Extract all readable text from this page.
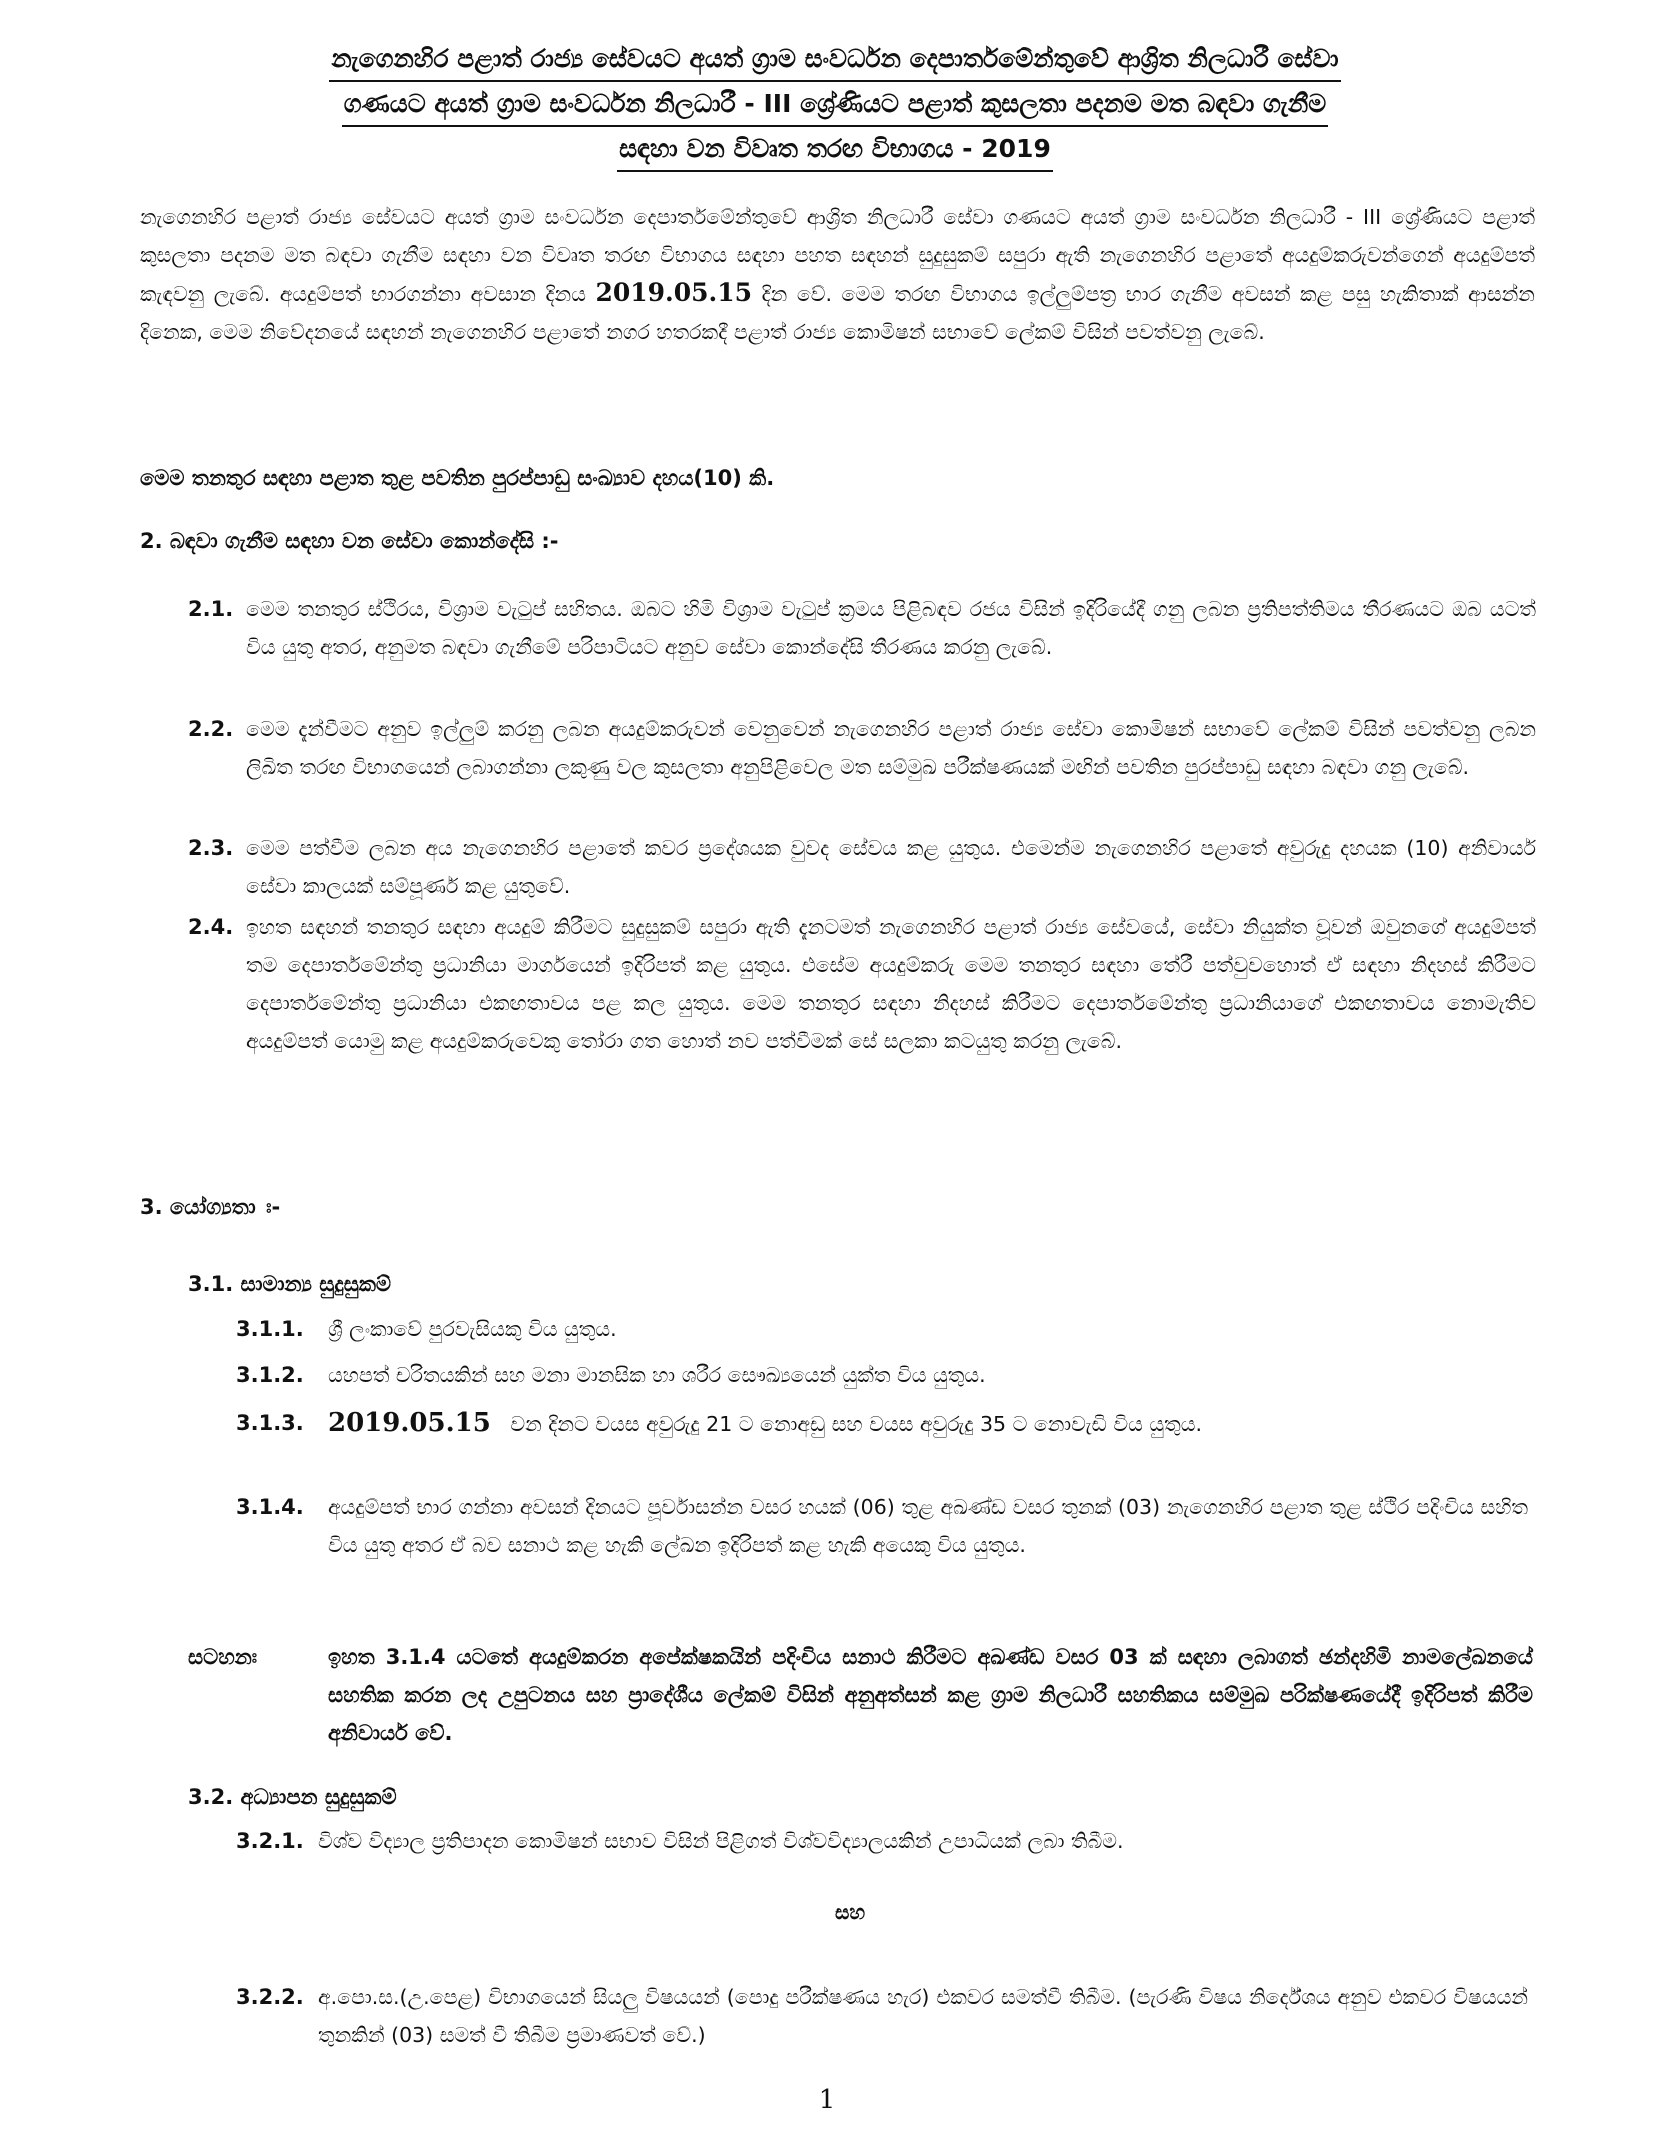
නැගෙනහිර පළාත් රාජ්‍ය සේවයට අයත් ග්‍රාම සංවර්ධන දෙපාර්තමේන්තුවේ ආශ්‍රිත නිලධාරී සේවා
ගණයට අයත් ග්‍රාම සංවර්ධන නිලධාරී - III ශ්‍රේණියට පළාත් කුසලතා පදනම මත බඳවා ගැනීම
සඳහා වන විවෘත තරඟ විභාගය - 2019
නැගෙනහිර පළාත් රාජ්‍ය සේවයට අයත් ග්‍රාම සංවර්ධන දෙපාර්තමේන්තුවේ ආශ්‍රිත නිලධාරී සේවා ගණයට අයත් ග්‍රාම සංවර්ධන නිලධාරී - III ශ්‍රේණියට පළාත් කුසලතා පදනම මත බඳවා ගැනීම සඳහා වන විවෘත තරඟ විභාගය සඳහා පහත සඳහන් සුදුසුකම් සපුරා ඇති නැගෙනහිර පළාතේ අයදුම්කරුවන්ගෙන් අයදුම්පත් කැඳවනු ලැබේ. අයදුම්පත් භාරගන්නා අවසාන දිනය 2019.05.15 දින වේ. මෙම තරඟ විභාගය ඉල්ලුම්පත්‍ර භාර ගැනීම අවසන් කළ පසු හැකිතාක් ආසන්න දිනෙක, මෙම නිවේදනයේ සඳහන් නැගෙනහිර පළාතේ නගර හතරකදී පළාත් රාජ්‍ය කොමිෂන් සභාවේ ලේකම් විසින් පවත්වනු ලැබේ.
මෙම තනතුර සඳහා පළාත තුළ පවතින පුරප්පාඩු සංඛ්‍යාව දහය(10) කි.
2. බඳවා ගැනීම සඳහා වන සේවා කොන්දේසි :-
2.1. මෙම තනතුර ස්ථිරය, විශ්‍රාම වැටුප් සහිතය. ඔබට හිමි විශ්‍රාම වැටුප් ක්‍රමය පිළිබඳව රජය විසින් ඉදිරියේදී ගනු ලබන ප්‍රතිපත්තිමය තීරණයට ඔබ යටත් විය යුතු අතර, අනුමත බඳවා ගැනීමේ පරිපාටියට අනුව සේවා කොන්දේසි තීරණය කරනු ලැබේ.
2.2. මෙම දැන්වීමට අනුව ඉල්ලුම් කරනු ලබන අයදුම්කරුවන් වෙනුවෙන් නැගෙනහිර පළාත් රාජ්‍ය සේවා කොමිෂන් සභාවේ ලේකම් විසින් පවත්වනු ලබන ලිඛිත තරඟ විභාගයෙන් ලබාගන්නා ලකුණු වල කුසලතා අනුපිළිවෙල මත සම්මුඛ පරීක්ෂණයක් මඟින් පවතින පුරප්පාඩු සඳහා බඳවා ගනු ලැබේ.
2.3. මෙම පත්වීම ලබන අය නැගෙනහිර පළාතේ කවර ප්‍රදේශයක වුවද සේවය කළ යුතුය. එමෙන්ම නැගෙනහිර පළාතේ අවුරුදු දහයක (10) අනිවාර්ය සේවා කාලයක් සම්පූර්ණ කළ යුතුවේ.
2.4. ඉහත සඳහන් තනතුර සඳහා අයදුම් කිරීමට සුදුසුකම් සපුරා ඇති දැනටමත් නැගෙනහිර පළාත් රාජ්‍ය සේවයේ, සේවා නියුක්ත වූවන් ඔවුනගේ අයදුම්පත් තම දෙපාර්තමේන්තු ප්‍රධානියා මාර්ගයෙන් ඉදිරිපත් කළ යුතුය. එසේම අයදුම්කරු මෙම තනතුර සඳහා තේරී පත්වුවහොත් ඒ සඳහා නිදහස් කිරීමට දෙපාර්තමේන්තු ප්‍රධානියා එකඟතාවය පළ කල යුතුය. මෙම තනතුර සඳහා නිදහස් කිරීමට දෙපාර්තමේන්තු ප්‍රධානියාගේ එකඟතාවය නොමැතිව අයදුම්පත් යොමු කළ අයදුම්කරුවෙකු තෝරා ගත හොත් නව පත්වීමක් සේ සලකා කටයුතු කරනු ලැබේ.
3. යෝග්‍යතා ඃ-
3.1. සාමාන්‍ය සුදුසුකම්
3.1.1. ශ්‍රී ලංකාවේ පුරවැසියකු විය යුතුය.
3.1.2. යහපත් චරිතයකින් සහ මනා මානසික හා ශරීර සෞඛ්‍යයෙන් යුක්ත විය යුතුය.
3.1.3. 2019.05.15 වන දිනට වයස අවුරුදු 21 ට නොඅඩු සහ වයස අවුරුදු 35 ට නොවැඩි විය යුතුය.
3.1.4. අයදුම්පත් භාර ගන්නා අවසන් දිනයට පූර්වාසන්න වසර හයක් (06) තුළ අඛණ්ඩ වසර තුනක් (03) නැගෙනහිර පළාත තුළ ස්ථිර පදිංචිය සහිත විය යුතු අතර ඒ බව සනාථ කළ හැකි ලේඛන ඉදිරිපත් කළ හැකි අයෙකු විය යුතුය.
සටහනඃ	ඉහත 3.1.4 යටතේ අයදුම්කරන අපේක්ෂකයින් පදිංචිය සනාථ කිරීමට අඛණ්ඩ වසර 03 ක් සඳහා ලබාගත් ඡන්දහිමි නාමලේඛනයේ සහතික කරන ලද උපුටනය සහ ප්‍රාදේශීය ලේකම් විසින් අනුඅත්සන් කළ ග්‍රාම නිලධාරී සහතිකය සම්මුඛ පරික්ෂණයේදී ඉදිරිපත් කිරීම අනිවාර්ය වේ.
3.2. අධ්‍යාපන සුදුසුකම්
3.2.1. විශ්ව විද්‍යාල ප්‍රතිපාදන කොමිෂන් සභාව විසින් පිළිගත් විශ්වවිද්‍යාලයකින් උපාධියක් ලබා තිබීම.
සහ
3.2.2. අ.පො.ස.(උ.පෙළ) විභාගයෙන් සියලු විෂයයන් (පොදු පරීක්ෂණය හැර) එකවර සමත්වී තිබීම. (පැරණි විෂය නිර්දේශය අනුව එකවර විෂයයන් තුනකින් (03) සමත් වී තිබීම ප්‍රමාණවත් වේ.)
1
